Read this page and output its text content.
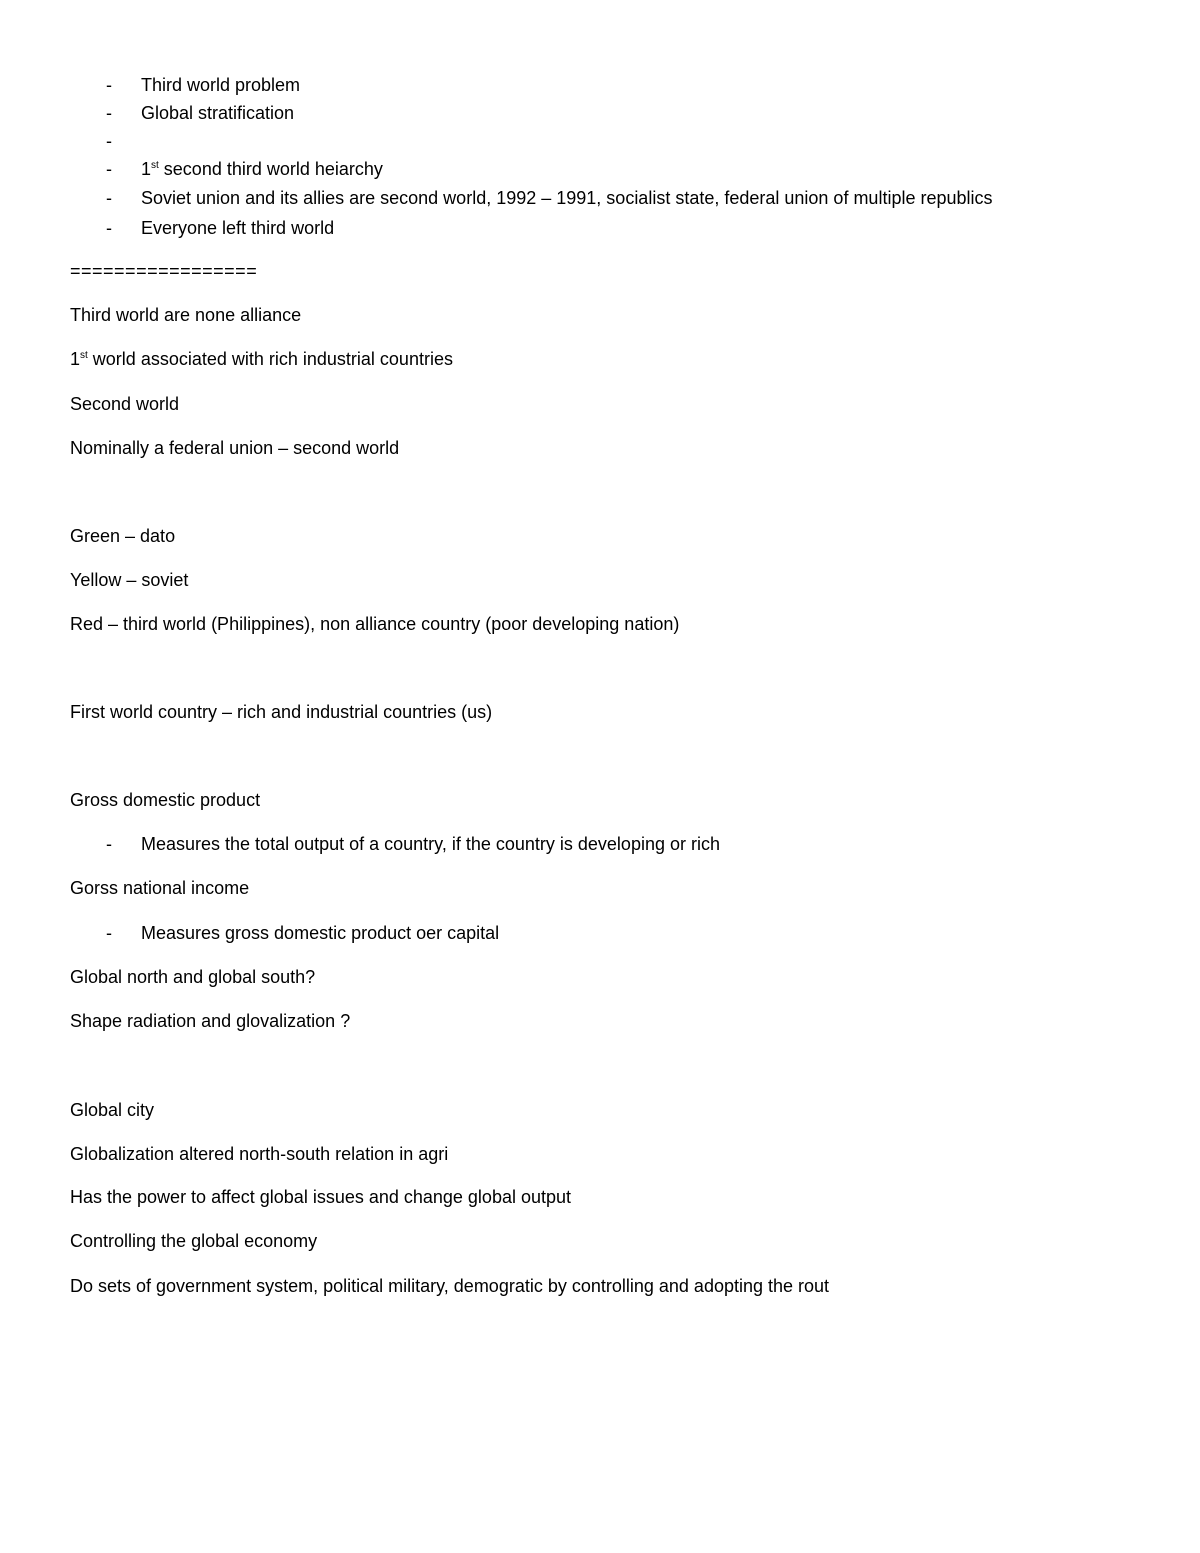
- Third world problem
- Global stratification
-
- 1st second third world heiarchy
- Soviet union and its allies are second world, 1992 – 1991, socialist state, federal union of multiple republics
- Everyone left third world
=================
Third world are none alliance
1st world associated with rich industrial countries
Second world
Nominally a federal union – second world
Green – dato
Yellow – soviet
Red – third world (Philippines), non alliance country (poor developing nation)
First world country – rich and industrial countries (us)
Gross domestic product
- Measures the total output of a country, if the country is developing or rich
Gorss national income
- Measures gross domestic product oer capital
Global north and global south?
Shape radiation and glovalization ?
Global city
Globalization altered north-south relation in agri
Has the power to affect global issues and change global output
Controlling the global economy
Do sets of government system, political military, demogratic by controlling and adopting the rout
